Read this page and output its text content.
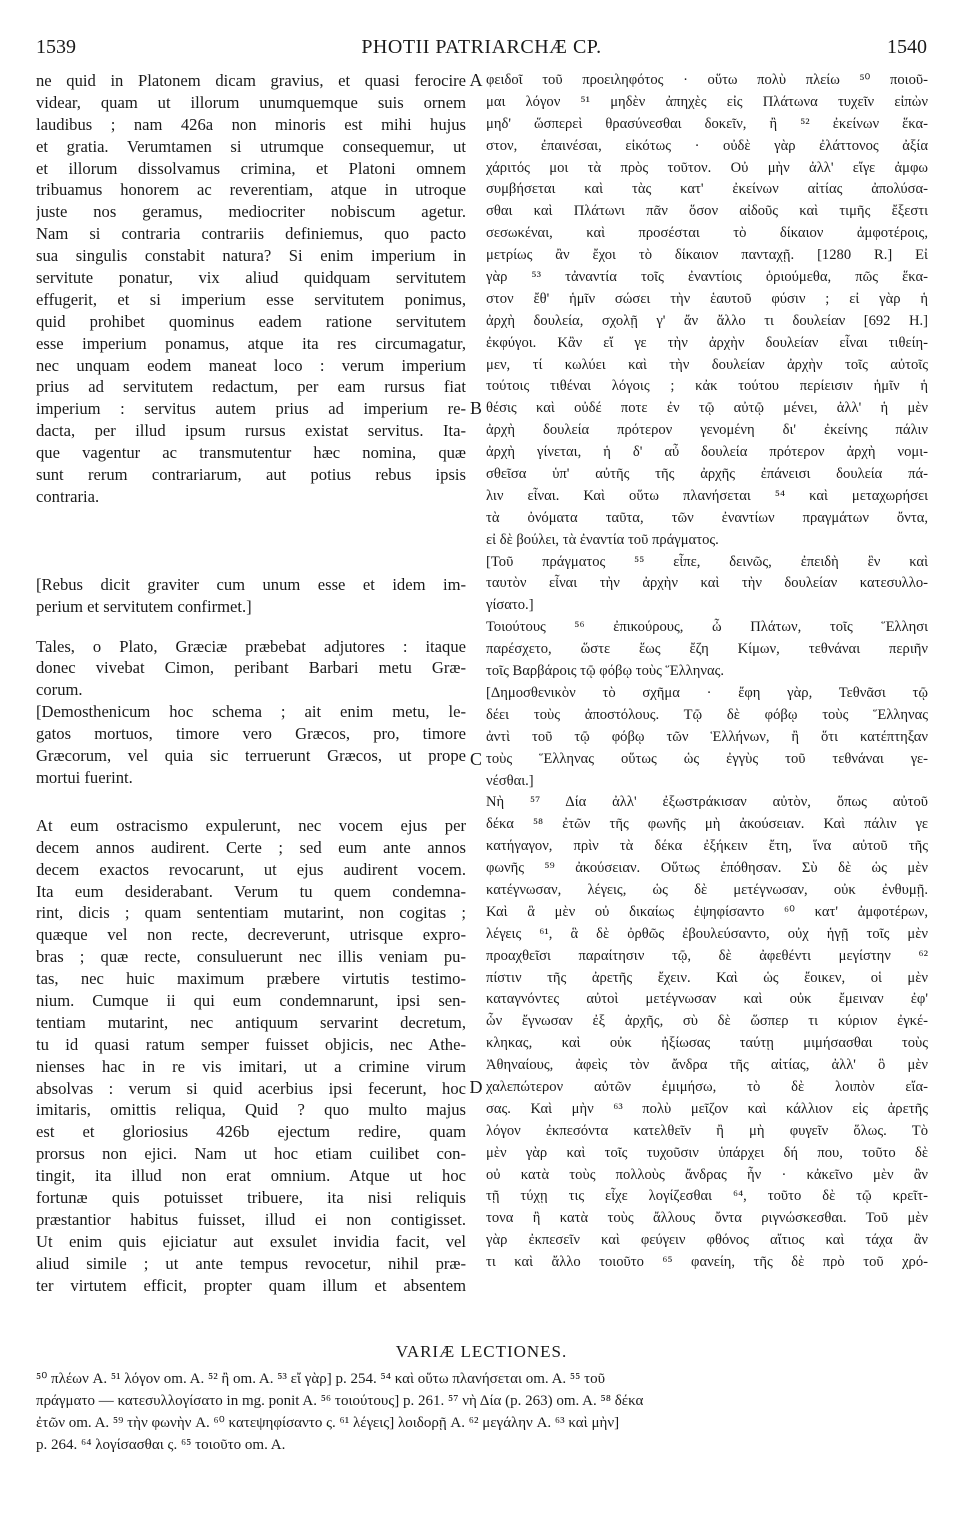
1539	PHOTII PATRIARCHÆ CP.	1540
ne quid in Platonem dicam gravius, et quasi ferocire
videar, quam ut illorum unumquemque suis ornem
laudibus ; nam 426a non minoris est mihi hujus
et gratia. Verumtamen si utrumque consequemur, ut
et illorum dissolvamus crimina, et Platoni omnem
tribuamus honorem ac reverentiam, atque in utroque
juste nos geramus, mediocriter nobiscum agetur.
Nam si contraria contrariis definiemus, quo pacto
sua singulis constabit natura? Si enim imperium in
servitute ponatur, vix aliud quidquam servitutem
effugerit, et si imperium esse servitutem ponimus,
quid prohibet quominus eadem ratione servitutem
esse imperium ponamus, atque ita res circumagatur,
nec unquam eodem maneat loco : verum imperium
prius ad servitutem redactum, per eam rursus fiat
imperium : servitus autem prius ad imperium re-
dacta, per illud ipsum rursus existat servitus. Ita-
que vagentur ac transmutentur hæc nomina, quæ
sunt rerum contrariarum, aut potius rebus ipsis
contraria.
[Rebus dicit graviter cum unum esse et idem im-
perium et servitutem confirmet.]
Tales, o Plato, Græciæ præbebat adjutores : itaque
donec vivebat Cimon, peribant Barbari metu Græ-
corum.
[Demosthenicum hoc schema ; ait enim metu, le-
gatos mortuos, timore vero Græcos, pro, timore
Græcorum, vel quia sic terruerunt Græcos, ut prope
mortui fuerint.
At eum ostracismo expulerunt, nec vocem ejus per
decem annos audirent. Certe ; sed eum ante annos
decem exactos revocarunt, ut ejus audirent vocem.
Ita eum desiderabant. Verum tu quem condemna-
rint, dicis ; quam sententiam mutarint, non cogitas ;
quæque vel non recte, decreverunt, utrisque expro-
bras ; quæ recte, consuluerunt nec illis veniam pu-
tas, nec huic maximum præbere virtutis testimo-
nium. Cumque ii qui eum condemnarunt, ipsi sen-
tentiam mutarint, nec antiquum servarint decretum,
tu id quasi ratum semper fuisset objicis, nec Athe-
nienses hac in re vis imitari, ut a crimine virum
absolvas : verum si quid acerbius ipsi fecerunt, hoc
imitaris, omittis reliqua, Quid ? quo multo majus
est et gloriosius 426b ejectum redire, quam
prorsus non ejici. Nam ut hoc etiam cuilibet con-
tingit, ita illud non erat omnium. Atque ut hoc
fortunæ quis potuisset tribuere, ita nisi reliquis
præstantior habitus fuisset, illud ei non contigisset.
Ut enim quis ejiciatur aut exsulet invidia facit, vel
aliud simile ; ut ante tempus revocetur, nihil præ-
ter virtutem efficit, propter quam illum et absentem
A
B
C
D
φειδοῖ τοῦ προειληφότος · οὕτω πολὺ πλείω ⁵⁰ ποιοῦ-
μαι λόγον ⁵¹ μηδὲν ἀπηχὲς εἰς Πλάτωνα τυχεῖν εἰπὼν
μηδ' ὥσπερεὶ θρασύνεσθαι δοκεῖν, ἢ ⁵² ἐκείνων ἕκα-
στον, ἐπαινέσαι, εἰκότως · οὐδὲ γὰρ ἐλάττονος ἀξία
χάριτός μοι τὰ πρὸς τοῦτον. Οὐ μὴν ἀλλ' εἴγε ἀμφω
συμβήσεται καὶ τὰς κατ' ἐκείνων αἰτίας ἀπολύσα-
σθαι καὶ Πλάτωνι πᾶν ὅσον αἰδοῦς καὶ τιμῆς ἔξεστι
σεσωκέναι, καὶ προσέσται τὸ δίκαιον ἀμφοτέροις,
μετρίως ἂν ἔχοι τὸ δίκαιον πανταχῇ. [1280 R.] Εἰ
γὰρ ⁵³ τἀναντία τοῖς ἐναντίοις ὁριούμεθα, πῶς ἕκα-
στον ἔθ' ἡμῖν σώσει τὴν ἑαυτοῦ φύσιν ; εἰ γὰρ ἡ
ἀρχὴ δουλεία, σχολῇ γ' ἄν ἄλλο τι δουλείαν [692 H.]
ἐκφύγοι. Κἂν εἴ γε τὴν ἀρχὴν δουλείαν εἶναι τιθείη-
μεν, τί κωλύει καὶ τὴν δουλείαν ἀρχὴν τοῖς αὐτοῖς
τούτοις τιθέναι λόγοις ; κἀκ τούτου περίεισιν ἡμῖν ἡ
θέσις καὶ οὐδέ ποτε ἐν τῷ αὐτῷ μένει, ἀλλ' ἡ μὲν
ἀρχὴ δουλεία πρότερον γενομένη δι' ἐκείνης πάλιν
ἀρχὴ γίνεται, ἡ δ' αὖ δουλεία πρότερον ἀρχὴ νομι-
σθεῖσα ὑπ' αὐτῆς τῆς ἀρχῆς ἐπάνεισι δουλεία πά-
λιν εἶναι. Καὶ οὕτω πλανήσεται ⁵⁴ καὶ μεταχωρήσει
τὰ ὀνόματα ταῦτα, τῶν ἐναντίων πραγμάτων ὄντα,
εἰ δὲ βούλει, τὰ ἐναντία τοῦ πράγματος.
[Τοῦ πράγματος ⁵⁵ εἶπε, δεινῶς, ἐπειδὴ ἓν καὶ
ταυτὸν εἶναι τὴν ἀρχὴν καὶ τὴν δουλείαν κατεσυλλο-
γίσατο.]
Τοιούτους ⁵⁶ ἐπικούρους, ὦ Πλάτων, τοῖς Ἕλλησι
παρέσχετο, ὥστε ἕως ἔζη Κίμων, τεθνάναι περιῆν
τοῖς Βαρβάροις τῷ φόβῳ τοὺς Ἕλληνας.
[Δημοσθενικὸν τὸ σχῆμα · ἔφη γὰρ, Τεθνᾶσι τῷ
δέει τοὺς ἀποστόλους. Τῷ δὲ φόβῳ τοὺς Ἕλληνας
ἀντὶ τοῦ τῷ φόβῳ τῶν Ἑλλήνων, ἢ ὅτι κατέπτηξαν
τοὺς Ἕλληνας οὕτως ὡς ἐγγὺς τοῦ τεθνάναι γε-
νέσθαι.]
Νὴ ⁵⁷ Δία ἀλλ' ἐξωστράκισαν αὐτὸν, ὅπως αὐτοῦ
δέκα ⁵⁸ ἐτῶν τῆς φωνῆς μὴ ἀκούσειαν. Καὶ πάλιν γε
κατήγαγον, πρὶν τὰ δέκα ἐξήκειν ἔτη, ἵνα αὐτοῦ τῆς
φωνῆς ⁵⁹ ἀκούσειαν. Οὕτως ἐπόθησαν. Σὺ δὲ ὡς μὲν
κατέγνωσαν, λέγεις, ὡς δὲ μετέγνωσαν, οὐκ ἐνθυμῇ.
Καὶ ἃ μὲν οὐ δικαίως ἐψηφίσαντο ⁶⁰ κατ' ἀμφοτέρων,
λέγεις ⁶¹, ἃ δὲ ὀρθῶς ἐβουλεύσαντο, οὐχ ἡγῇ τοῖς μὲν
προαχθεῖσι παραίτησιν τῷ, δὲ ἀφεθέντι μεγίστην ⁶²
πίστιν τῆς ἀρετῆς ἔχειν. Καὶ ὡς ἔοικεν, οἱ μὲν
καταγνόντες αὐτοὶ μετέγνωσαν καὶ οὐκ ἔμειναν ἐφ'
ὧν ἔγνωσαν ἐξ ἀρχῆς, σὺ δὲ ὥσπερ τι κύριον ἐγκέ-
κληκας, καὶ οὐκ ἠξίωσας ταύτῃ μιμήσασθαι τοὺς
Ἀθηναίους, ἀφεὶς τὸν ἄνδρα τῆς αἰτίας, ἀλλ' ὃ μὲν
χαλεπώτερον αὐτῶν ἐμιμήσω, τὸ δὲ λοιπὸν εἴα-
σας. Καὶ μὴν ⁶³ πολὺ μεῖζον καὶ κάλλιον εἰς ἀρετῆς
λόγον ἐκπεσόντα κατελθεῖν ἢ μὴ φυγεῖν ὅλως. Τὸ
μὲν γὰρ καὶ τοῖς τυχοῦσιν ὑπάρχει δή που, τοῦτο δὲ
οὐ κατὰ τοὺς πολλοὺς ἄνδρας ἦν · κἀκεῖνο μὲν ἂν
τῇ τύχῃ τις εἶχε λογίζεσθαι ⁶⁴, τοῦτο δὲ τῷ κρεῖτ-
τονα ἢ κατὰ τοὺς ἄλλους ὄντα ριγνώσκεσθαι. Τοῦ μὲν
γὰρ ἐκπεσεῖν καὶ φεύγειν φθόνος αἴτιος καὶ τάχα ἂν
τι καὶ ἄλλο τοιοῦτο ⁶⁵ φανείη, τῆς δὲ πρὸ τοῦ χρό-
VARIÆ LECTIONES.
⁵⁰ πλέων A. ⁵¹ λόγον om. A. ⁵² ἢ om. A. ⁵³ εἴ γὰρ] p. 254. ⁵⁴ καὶ οὕτω πλανήσεται om. A. ⁵⁵ τοῦ
πράγματο — κατεσυλλογίσατο in mg. ponit A. ⁵⁶ τοιούτους] p. 261. ⁵⁷ νὴ Δία (p. 263) om. A. ⁵⁸ δέκα
ἐτῶν om. A. ⁵⁹ τὴν φωνὴν A. ⁶⁰ κατεψηφίσαντο ς. ⁶¹ λέγεις] λοιδορῇ A. ⁶² μεγάλην A. ⁶³ καὶ μὴν]
p. 264. ⁶⁴ λογίσασθαι ς. ⁶⁵ τοιοῦτο om. A.
